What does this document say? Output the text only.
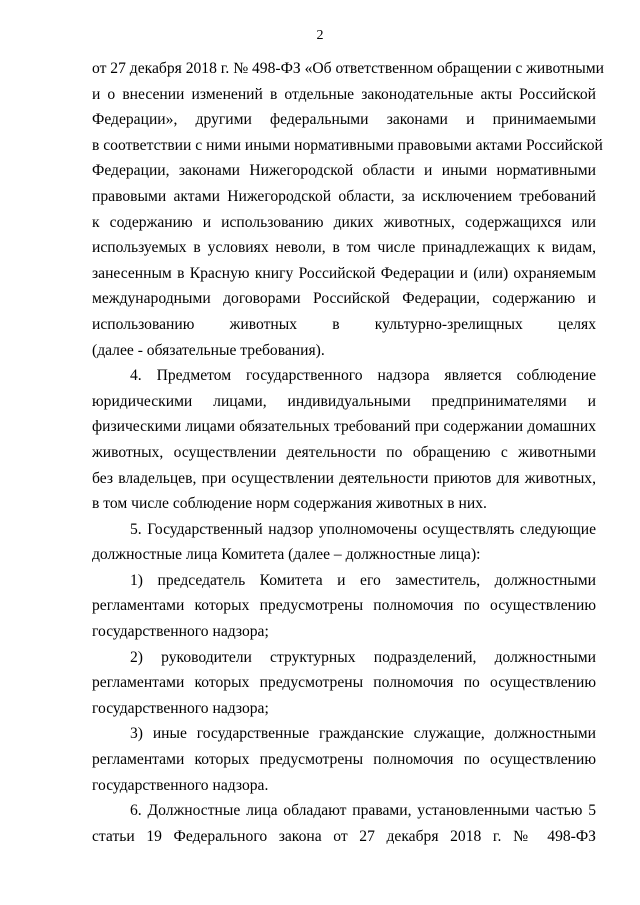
2
от 27 декабря 2018 г. № 498-ФЗ «Об ответственном обращении с животными
и о внесении изменений в отдельные законодательные акты Российской
Федерации», другими федеральными законами и принимаемыми
в соответствии с ними иными нормативными правовыми актами Российской
Федерации, законами Нижегородской области и иными нормативными
правовыми актами Нижегородской области, за исключением требований
к содержанию и использованию диких животных, содержащихся или
используемых в условиях неволи, в том числе принадлежащих к видам,
занесенным в Красную книгу Российской Федерации и (или) охраняемым
международными договорами Российской Федерации, содержанию и
использованию животных в культурно-зрелищных целях
(далее - обязательные требования).
4. Предметом государственного надзора является соблюдение
юридическими лицами, индивидуальными предпринимателями и
физическими лицами обязательных требований при содержании домашних
животных, осуществлении деятельности по обращению с животными
без владельцев, при осуществлении деятельности приютов для животных,
в том числе соблюдение норм содержания животных в них.
5. Государственный надзор уполномочены осуществлять следующие
должностные лица Комитета (далее – должностные лица):
1) председатель Комитета и его заместитель, должностными
регламентами которых предусмотрены полномочия по осуществлению
государственного надзора;
2) руководители структурных подразделений, должностными
регламентами которых предусмотрены полномочия по осуществлению
государственного надзора;
3) иные государственные гражданские служащие, должностными
регламентами которых предусмотрены полномочия по осуществлению
государственного надзора.
6. Должностные лица обладают правами, установленными частью 5
статьи 19 Федерального закона от 27 декабря 2018 г. № 498-ФЗ
